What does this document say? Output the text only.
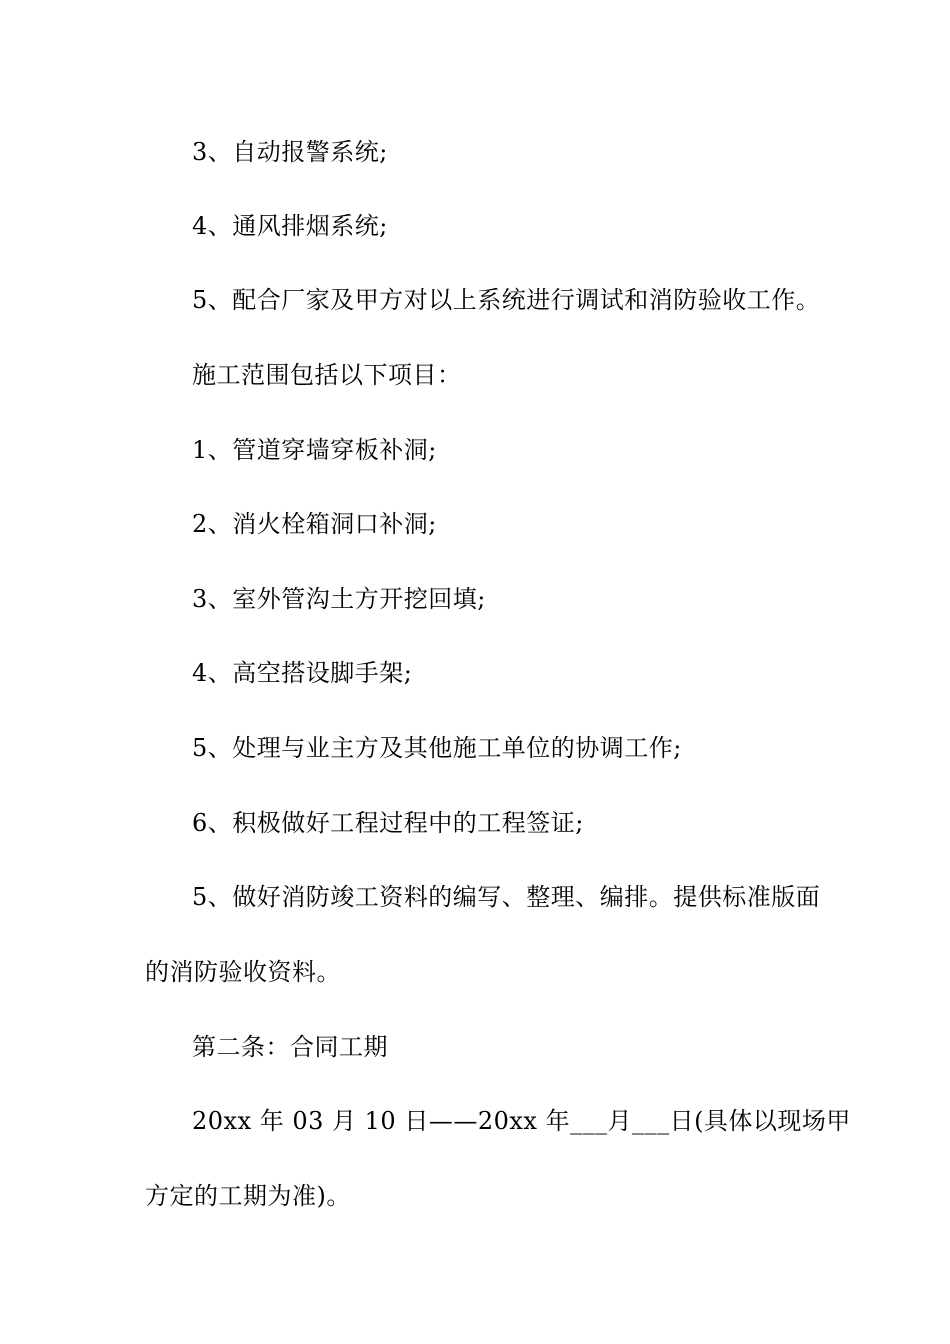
3、自动报警系统;
4、通风排烟系统;
5、配合厂家及甲方对以上系统进行调试和消防验收工作。
施工范围包括以下项目：
1、管道穿墙穿板补洞;
2、消火栓箱洞口补洞;
3、室外管沟土方开挖回填;
4、高空搭设脚手架;
5、处理与业主方及其他施工单位的协调工作;
6、积极做好工程过程中的工程签证;
5、做好消防竣工资料的编写、整理、编排。提供标准版面
的消防验收资料。
第二条：合同工期
20xx 年 03 月 10 日——20xx 年___月___日(具体以现场甲
方定的工期为准)。
